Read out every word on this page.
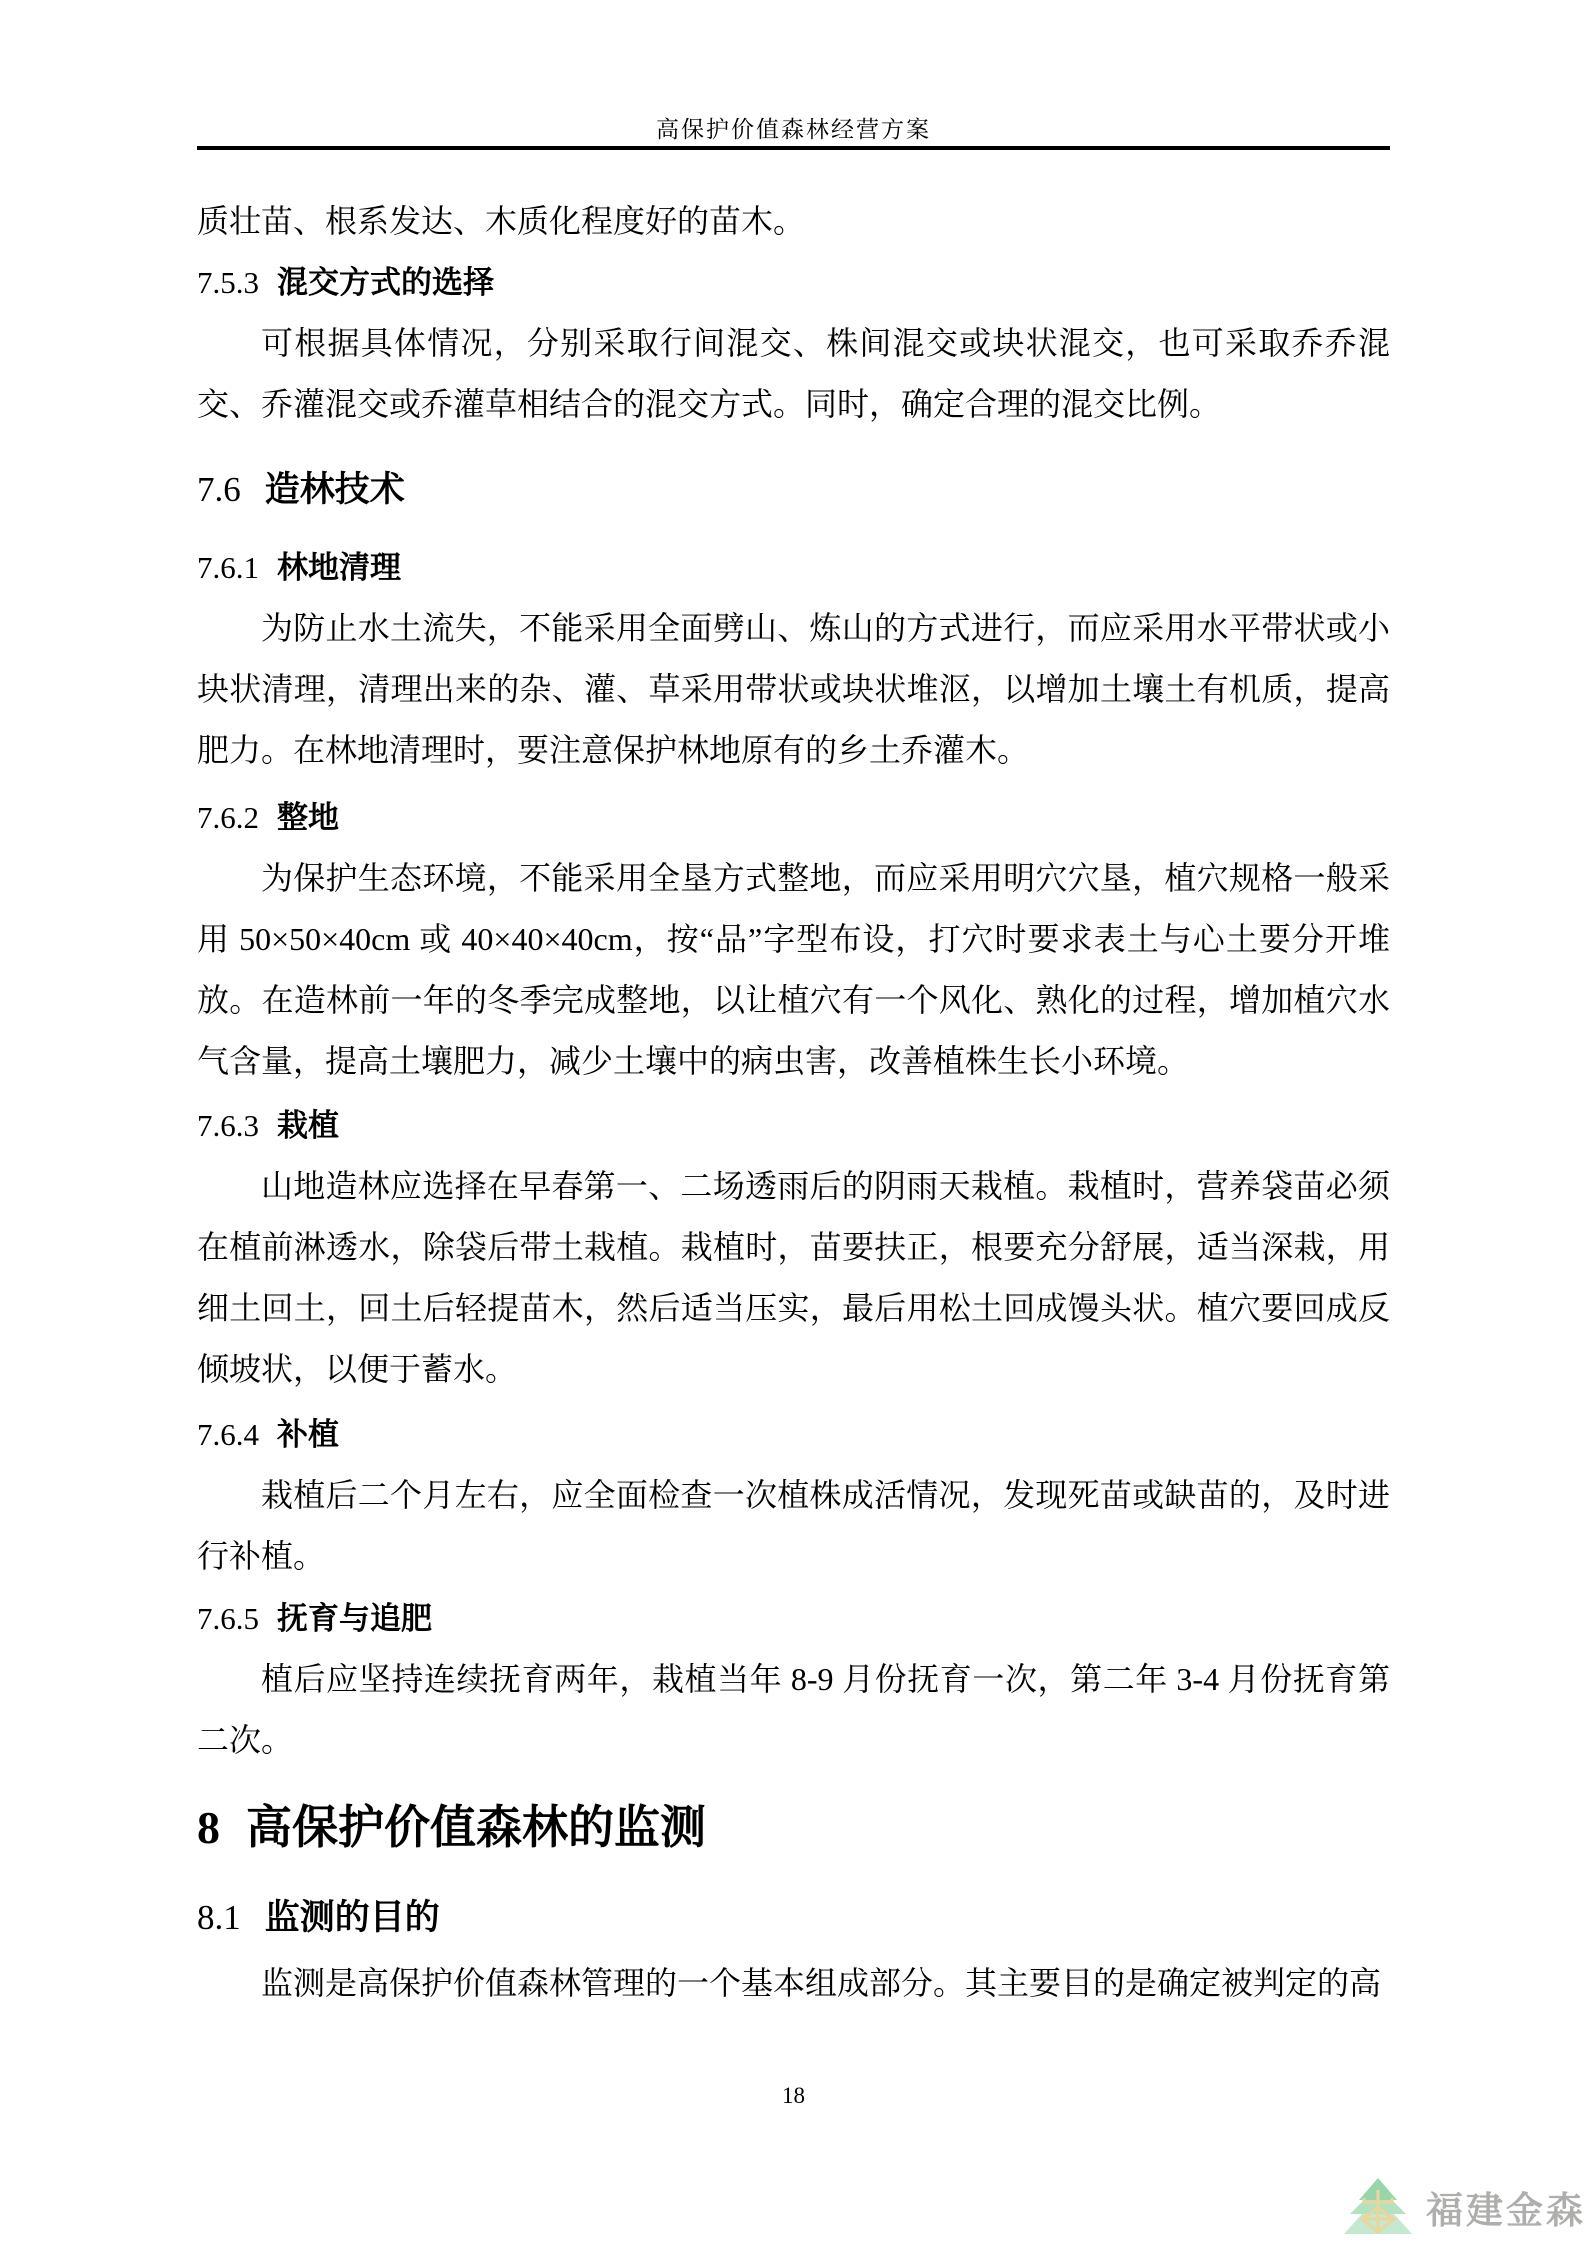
高保护价值森林经营方案

质壮苗、根系发达、木质化程度好的苗木。

7.5.3 混交方式的选择

可根据具体情况，分别采取行间混交、株间混交或块状混交，也可采取乔乔混交、乔灌混交或乔灌草相结合的混交方式。同时，确定合理的混交比例。

7.6 造林技术
7.6.1 林地清理

为防止水土流失，不能采用全面劈山、炼山的方式进行，而应采用水平带状或小块状清理，清理出来的杂、灌、草采用带状或块状堆沤，以增加土壤土有机质，提高肥力。在林地清理时，要注意保护林地原有的乡土乔灌木。

7.6.2 整地

为保护生态环境，不能采用全垦方式整地，而应采用明穴穴垦，植穴规格一般采用 50×50×40cm 或 40×40×40cm，按“品”字型布设，打穴时要求表土与心土要分开堆放。在造林前一年的冬季完成整地，以让植穴有一个风化、熟化的过程，增加植穴水气含量，提高土壤肥力，减少土壤中的病虫害，改善植株生长小环境。

7.6.3 栽植

山地造林应选择在早春第一、二场透雨后的阴雨天栽植。栽植时，营养袋苗必须在植前淋透水，除袋后带土栽植。栽植时，苗要扶正，根要充分舒展，适当深栽，用细土回土，回土后轻提苗木，然后适当压实，最后用松土回成馒头状。植穴要回成反倾坡状，以便于蓄水。

7.6.4 补植

栽植后二个月左右，应全面检查一次植株成活情况，发现死苗或缺苗的，及时进行补植。

7.6.5 抚育与追肥

植后应坚持连续抚育两年，栽植当年 8-9 月份抚育一次，第二年 3-4 月份抚育第二次。

8 高保护价值森林的监测
8.1 监测的目的

监测是高保护价值森林管理的一个基本组成部分。其主要目的是确定被判定的高

18
福建金森
